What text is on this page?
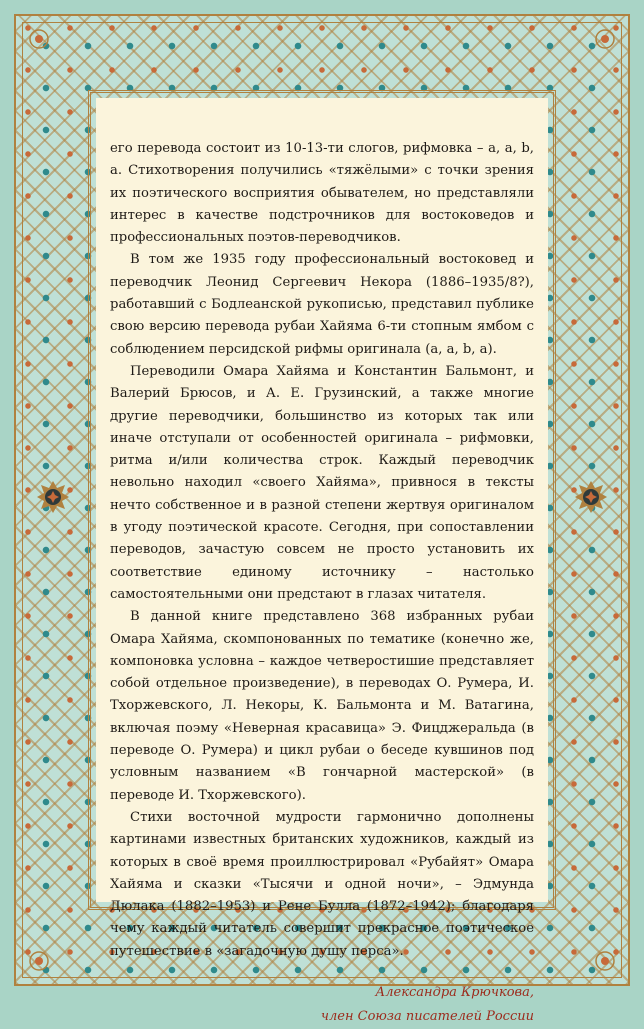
его перевода состоит из 10-13-ти слогов, рифмовка – а, а, b, а. Стихотворения получились «тяжёлыми» с точки зрения их поэтического восприятия обывателем, но представляли интерес в качестве подстрочников для востоковедов и профессиональных поэтов-переводчиков.

В том же 1935 году профессиональный востоковед и переводчик Леонид Сергеевич Некора (1886–1935/8?), работавший с Бодлеанской рукописью, представил публике свою версию перевода рубаи Хайяма 6-ти стопным ямбом с соблюдением персидской рифмы оригинала (а, а, b, а).

Переводили Омара Хайяма и Константин Бальмонт, и Валерий Брюсов, и А. Е. Грузинский, а также многие другие переводчики, большинство из которых так или иначе отступали от особенностей оригинала – рифмовки, ритма и/или количества строк. Каждый переводчик невольно находил «своего Хайяма», привнося в тексты нечто собственное и в разной степени жертвуя оригиналом в угоду поэтической красоте. Сегодня, при сопоставлении переводов, зачастую совсем не просто установить их соответствие единому источнику – настолько самостоятельными они предстают в глазах читателя.

В данной книге представлено 368 избранных рубаи Омара Хайяма, скомпонованных по тематике (конечно же, компоновка условна – каждое четверостишие представляет собой отдельное произведение), в переводах О. Румера, И. Тхоржевского, Л. Некоры, К. Бальмонта и М. Ватагина, включая поэму «Неверная красавица» Э. Фицджеральда (в переводе О. Румера) и цикл рубаи о беседе кувшинов под условным названием «В гончарной мастерской» (в переводе И. Тхоржевского).

Стихи восточной мудрости гармонично дополнены картинами известных британских художников, каждый из которых в своё время проиллюстрировал «Рубайят» Омара Хайяма и сказки «Тысячи и одной ночи», – Эдмунда Дюлака (1882–1953) и Рене Булла (1872–1942); благодаря чему каждый читатель совершит прекрасное поэтическое путешествие в «загадочную душу перса».

Александра Крючкова,
член Союза писателей России
